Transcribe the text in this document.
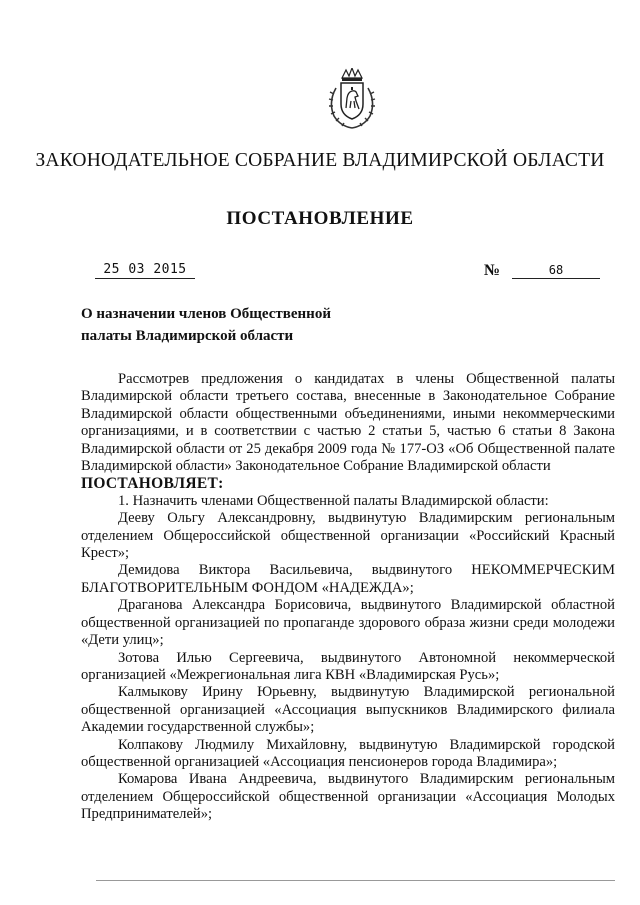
ЗАКОНОДАТЕЛЬНОЕ СОБРАНИЕ ВЛАДИМИРСКОЙ ОБЛАСТИ
ПОСТАНОВЛЕНИЕ
25 03 2015	№	68
О назначении членов Общественной палаты Владимирской области

Рассмотрев предложения о кандидатах в члены Общественной палаты Владимирской области третьего состава, внесенные в Законодательное Собрание Владимирской области общественными объединениями, иными некоммерческими организациями, и в соответствии с частью 2 статьи 5, частью 6 статьи 8 Закона Владимирской области от 25 декабря 2009 года № 177-ОЗ «Об Общественной палате Владимирской области» Законодательное Собрание Владимирской области

ПОСТАНОВЛЯЕТ:

1. Назначить членами Общественной палаты Владимирской области:

Дееву Ольгу Александровну, выдвинутую Владимирским региональным отделением Общероссийской общественной организации «Российский Красный Крест»;

Демидова Виктора Васильевича, выдвинутого НЕКОММЕРЧЕСКИМ БЛАГОТВОРИТЕЛЬНЫМ ФОНДОМ «НАДЕЖДА»;

Драганова Александра Борисовича, выдвинутого Владимирской областной общественной организацией по пропаганде здорового образа жизни среди молодежи «Дети улиц»;

Зотова Илью Сергеевича, выдвинутого Автономной некоммерческой организацией «Межрегиональная лига КВН «Владимирская Русь»;

Калмыкову Ирину Юрьевну, выдвинутую Владимирской региональной общественной организацией «Ассоциация выпускников Владимирского филиала Академии государственной службы»;

Колпакову Людмилу Михайловну, выдвинутую Владимирской городской общественной организацией «Ассоциация пенсионеров города Владимира»;

Комарова Ивана Андреевича, выдвинутого Владимирским региональным отделением Общероссийской общественной организации «Ассоциация Молодых Предпринимателей»;
